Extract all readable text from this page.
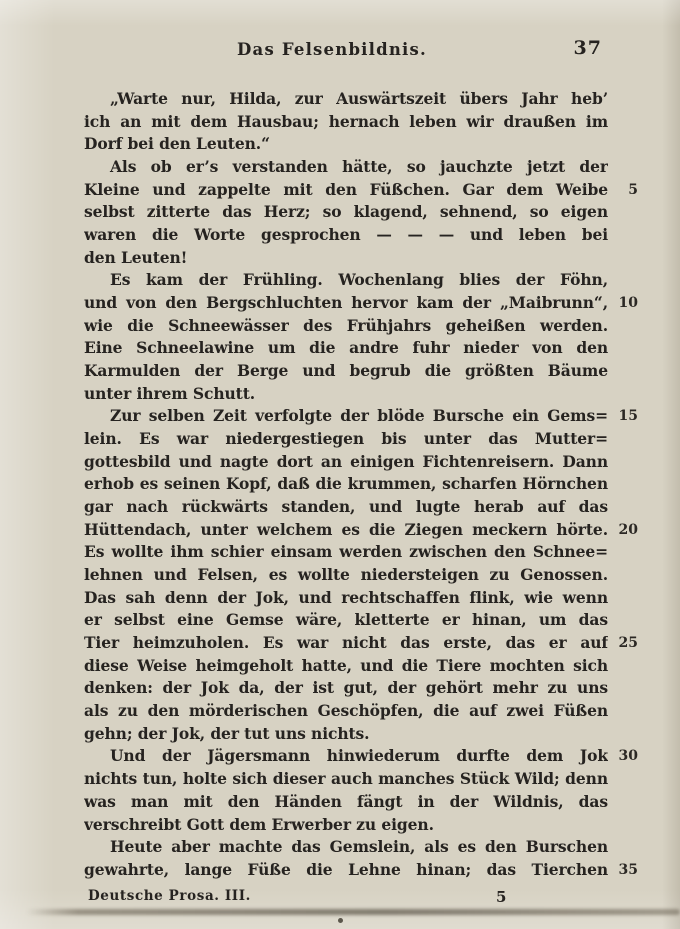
Das Felsenbildnis.	37
„Warte nur, Hilda, zur Auswärtszeit übers Jahr heb’
ich an mit dem Hausbau; hernach leben wir draußen im
Dorf bei den Leuten.“
Als ob er’s verstanden hätte, so jauchzte jetzt der
Kleine und zappelte mit den Füßchen. Gar dem Weibe	5
selbst zitterte das Herz; so klagend, sehnend, so eigen
waren die Worte gesprochen — — — und leben bei
den Leuten!
Es kam der Frühling. Wochenlang blies der Föhn,
und von den Bergschluchten hervor kam der „Maibrunn“, 10
wie die Schneewässer des Frühjahrs geheißen werden.
Eine Schneelawine um die andre fuhr nieder von den
Karmulden der Berge und begrub die größten Bäume
unter ihrem Schutt.
Zur selben Zeit verfolgte der blöde Bursche ein Gems= 15
lein. Es war niedergestiegen bis unter das Mutter=
gottesbild und nagte dort an einigen Fichtenreisern. Dann
erhob es seinen Kopf, daß die krummen, scharfen Hörnchen
gar nach rückwärts standen, und lugte herab auf das
Hüttendach, unter welchem es die Ziegen meckern hörte. 20
Es wollte ihm schier einsam werden zwischen den Schnee=
lehnen und Felsen, es wollte niedersteigen zu Genossen.
Das sah denn der Jok, und rechtschaffen flink, wie wenn
er selbst eine Gemse wäre, kletterte er hinan, um das
Tier heimzuholen. Es war nicht das erste, das er auf 25
diese Weise heimgeholt hatte, und die Tiere mochten sich
denken: der Jok da, der ist gut, der gehört mehr zu uns
als zu den mörderischen Geschöpfen, die auf zwei Füßen
gehn; der Jok, der tut uns nichts.
Und der Jägersmann hinwiederum durfte dem Jok 30
nichts tun, holte sich dieser auch manches Stück Wild; denn
was man mit den Händen fängt in der Wildnis, das
verschreibt Gott dem Erwerber zu eigen.
Heute aber machte das Gemslein, als es den Burschen
gewahrte, lange Füße die Lehne hinan; das Tierchen 35
Deutsche Prosa. III.	5
